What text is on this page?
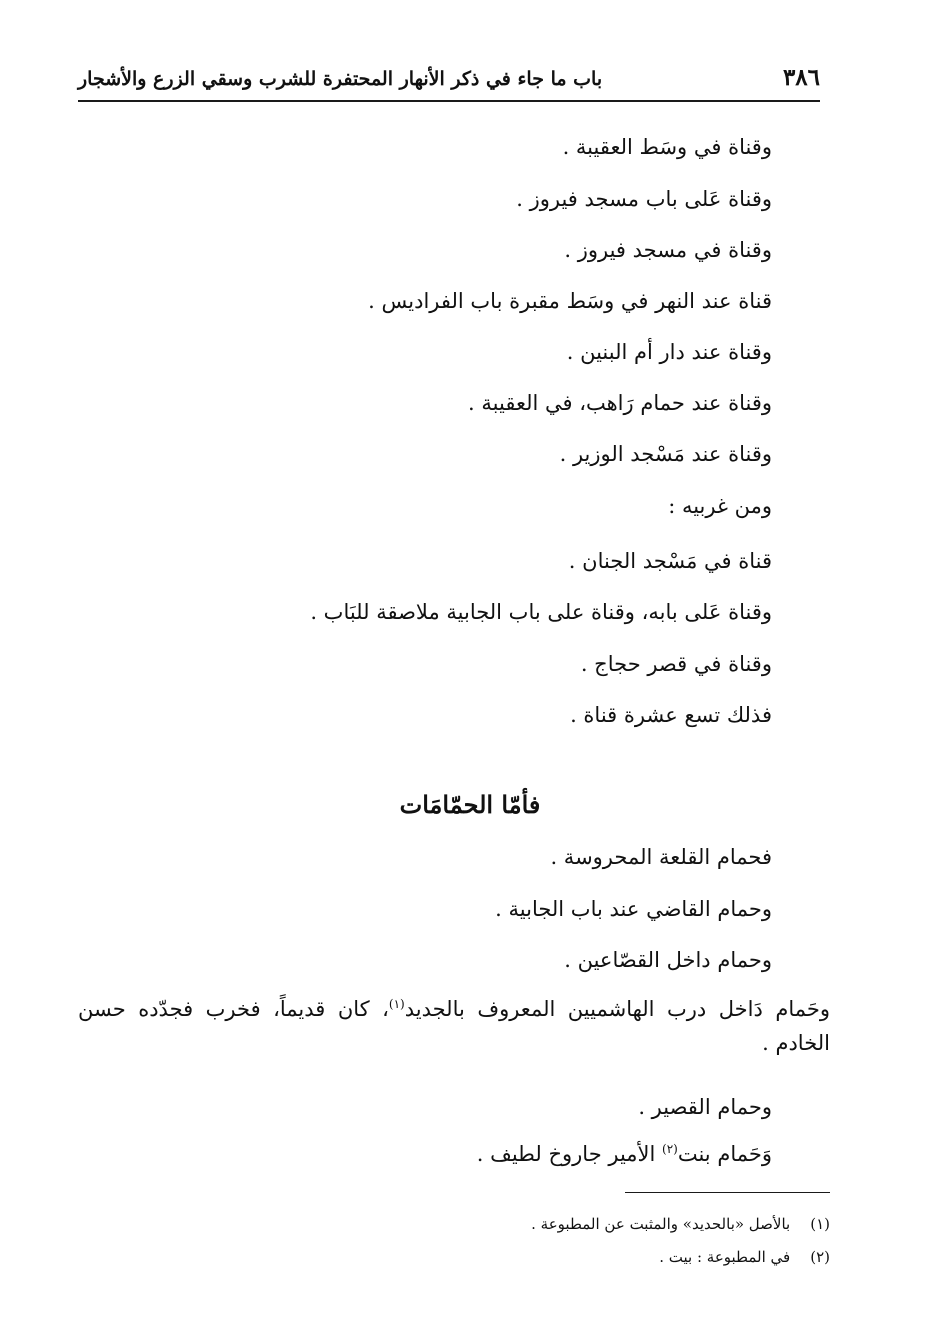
٣٨٦
باب ما جاء في ذكر الأنهار المحتفرة للشرب وسقي الزرع والأشجار
وقناة في وسَط العقيبة .
وقناة عَلى باب مسجد فيروز .
وقناة في مسجد فيروز .
قناة عند النهر في وسَط مقبرة باب الفراديس .
وقناة عند دار أم البنين .
وقناة عند حمام رَاهب، في العقيبة .
وقناة عند مَسْجد الوزير .
ومن غربيه :
قناة في مَسْجد الجنان .
وقناة عَلى بابه، وقناة على باب الجابية ملاصقة للبَاب .
وقناة في قصر حجاج .
فذلك تسع عشرة قناة .
فأمّا الحمّامَات
فحمام القلعة المحروسة .
وحمام القاضي عند باب الجابية .
وحمام داخل القصّاعين .
وحَمام دَاخل درب الهاشميين المعروف بالجديد$^{(١)}$، كان قديماً، فخرب فجدّده حسن الخادم .
وحمام القصير .
وَحَمام بنت$^{(٢)}$ الأمير جاروخ لطيف .
(١)بالأصل «بالحديد» والمثبت عن المطبوعة .
(٢)في المطبوعة : بيت .
